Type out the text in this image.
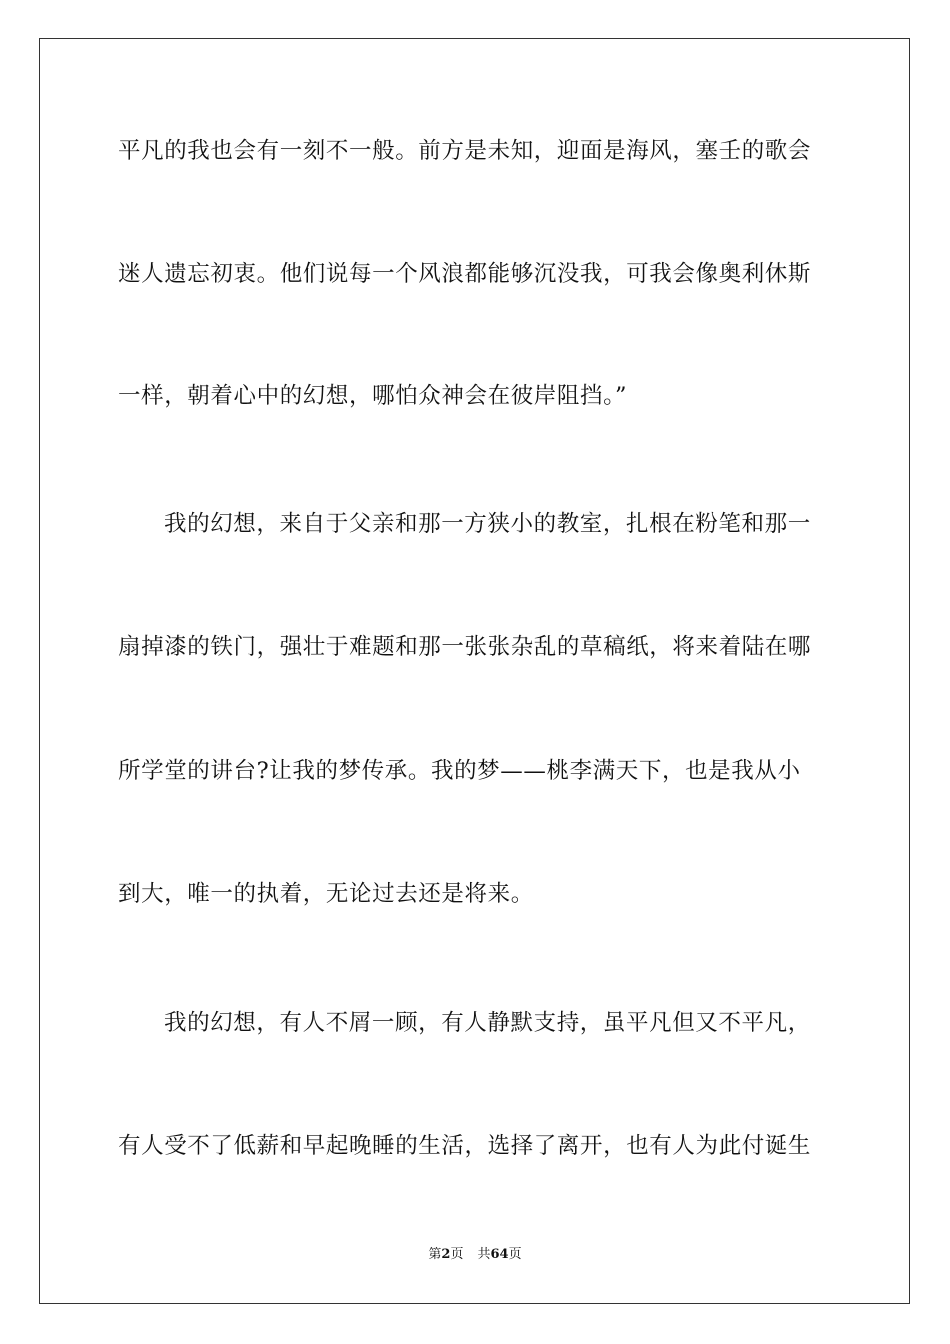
平凡的我也会有一刻不一般。前方是未知，迎面是海风，塞壬的歌会
迷人遗忘初衷。他们说每一个风浪都能够沉没我，可我会像奥利休斯
一样，朝着心中的幻想，哪怕众神会在彼岸阻挡。”
我的幻想，来自于父亲和那一方狭小的教室，扎根在粉笔和那一
扇掉漆的铁门，强壮于难题和那一张张杂乱的草稿纸，将来着陆在哪
所学堂的讲台?让我的梦传承。我的梦——桃李满天下，也是我从小
到大，唯一的执着，无论过去还是将来。
我的幻想，有人不屑一顾，有人静默支持，虽平凡但又不平凡，
有人受不了低薪和早起晚睡的生活，选择了离开，也有人为此付诞生
第2页 共64页
